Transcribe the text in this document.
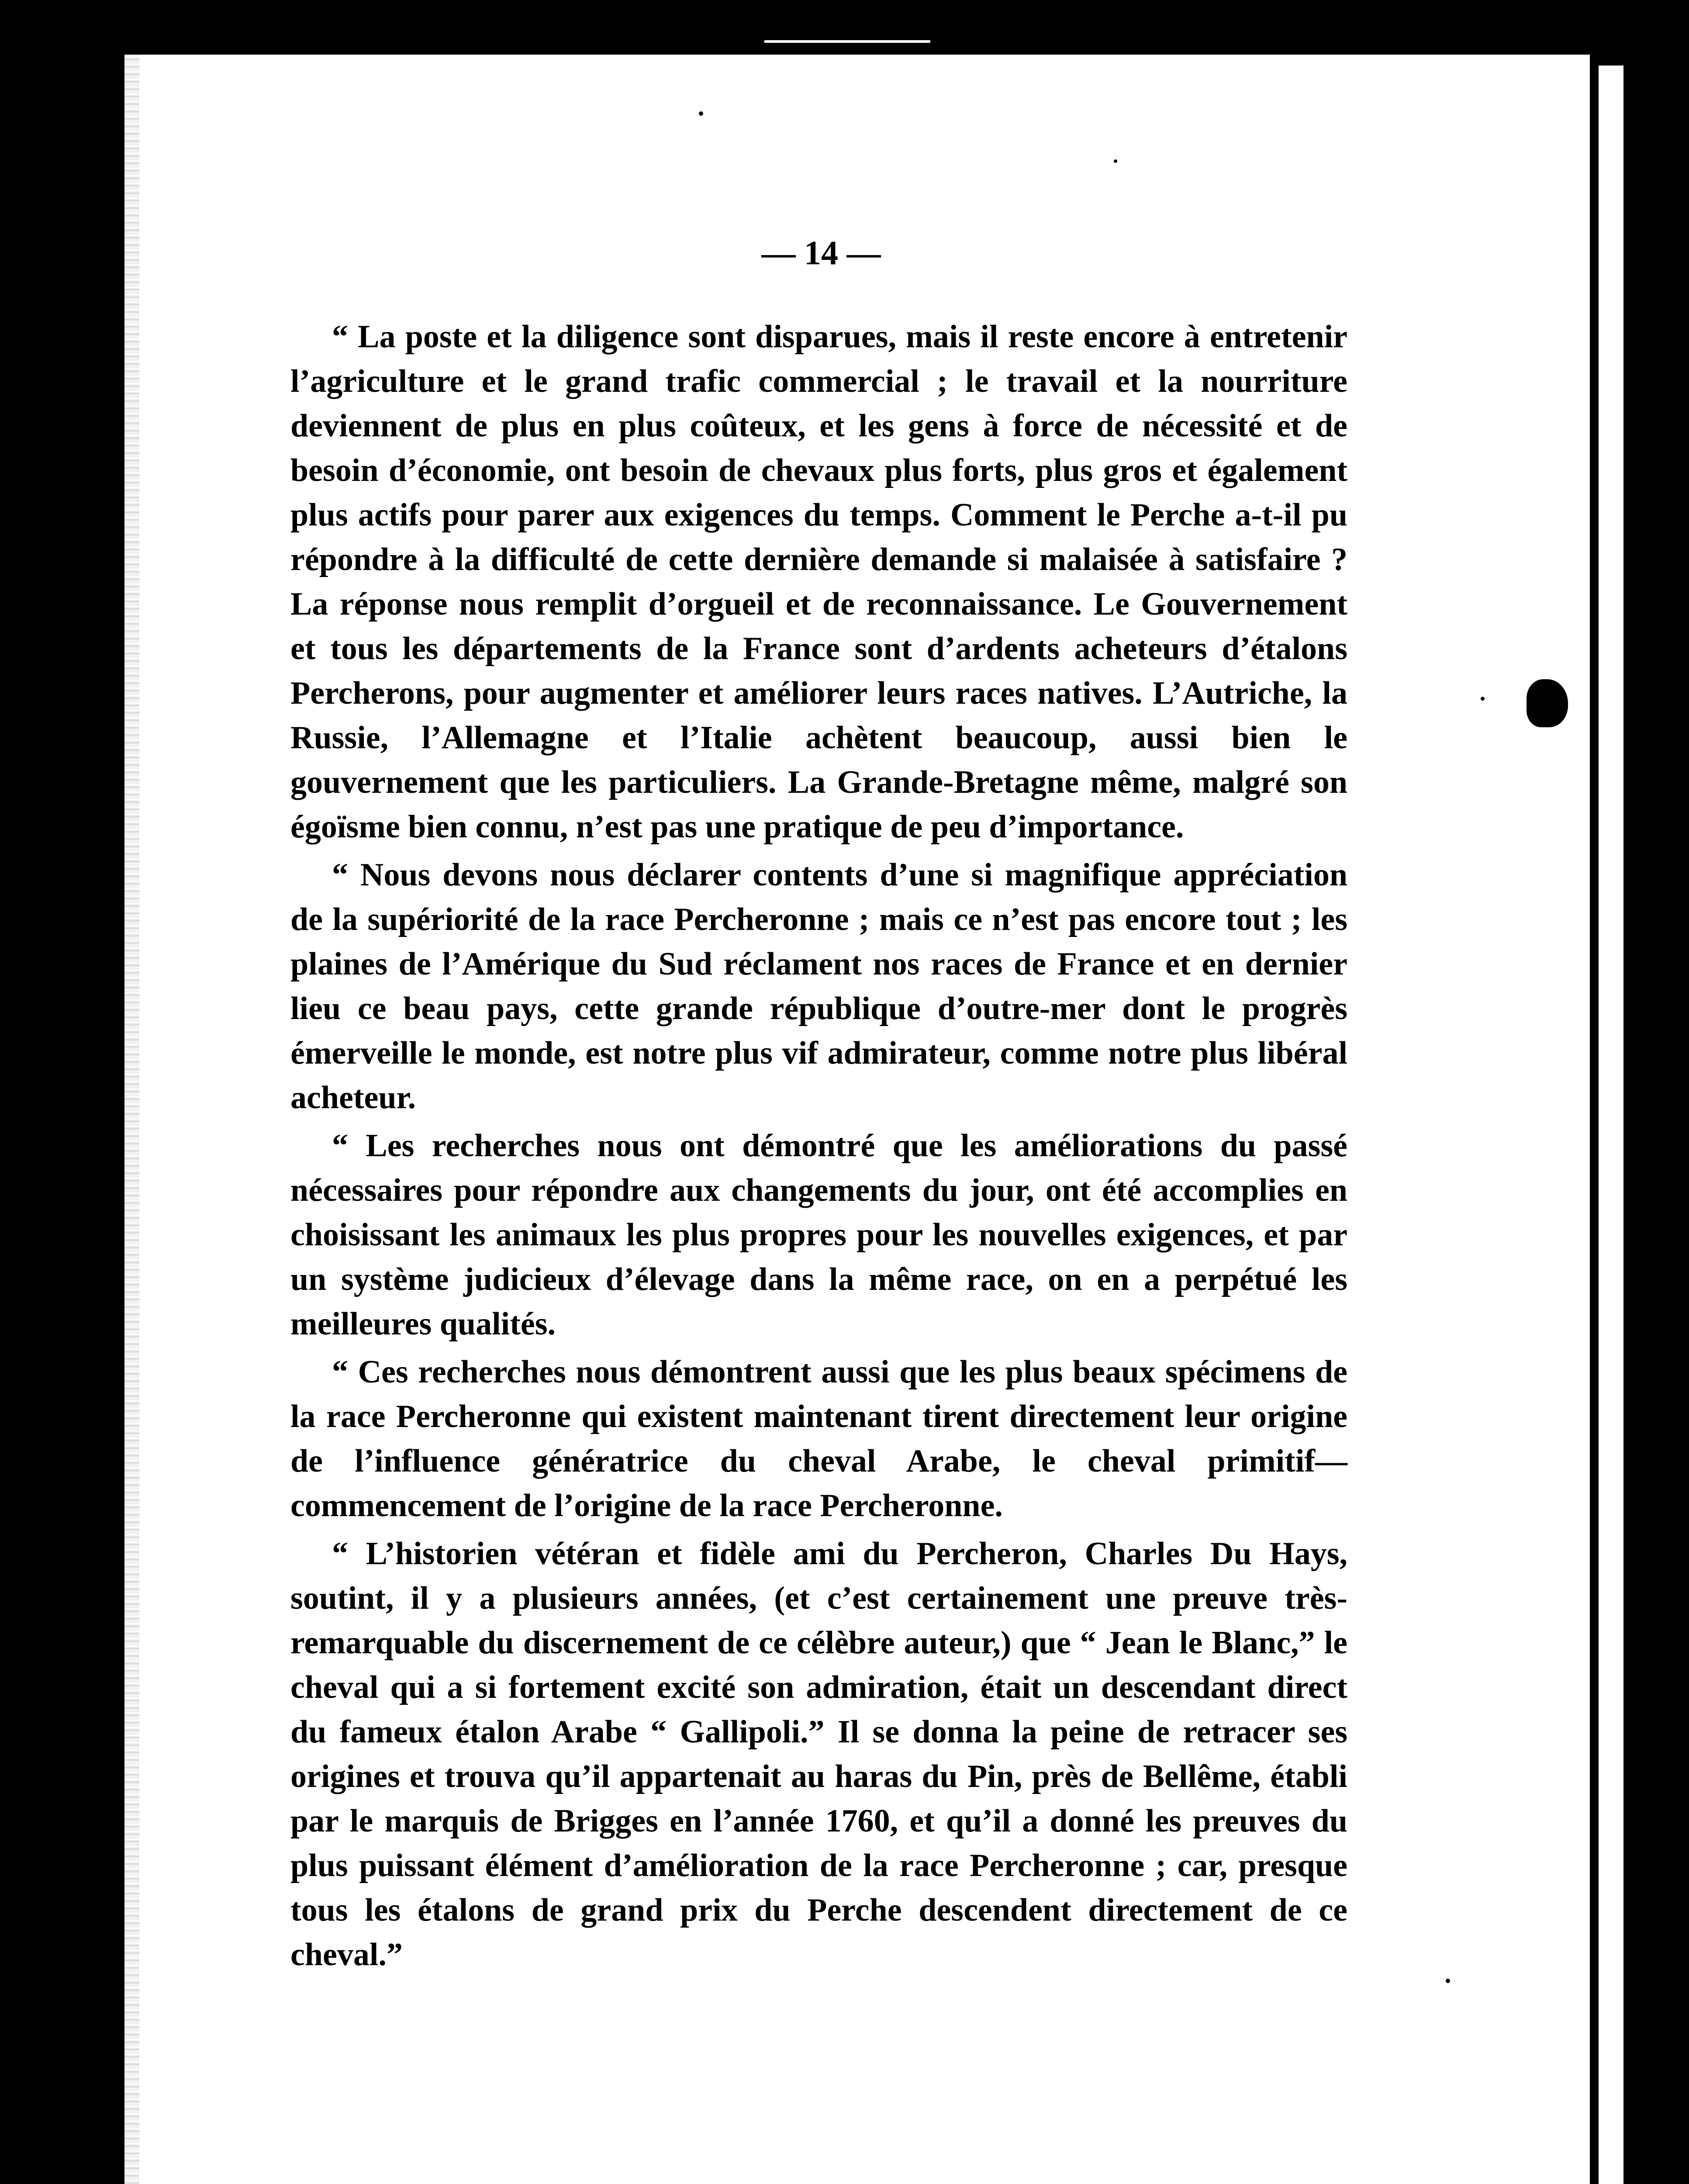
— 14 —

“ La poste et la diligence sont disparues, mais il reste encore à entretenir l’agriculture et le grand trafic commercial ; le travail et la nourriture deviennent de plus en plus coûteux, et les gens à force de nécessité et de besoin d’économie, ont besoin de chevaux plus forts, plus gros et également plus actifs pour parer aux exigences du temps. Comment le Perche a-t-il pu répondre à la difficulté de cette dernière demande si malaisée à satisfaire ? La réponse nous remplit d’orgueil et de reconnaissance. Le Gouvernement et tous les départements de la France sont d’ardents acheteurs d’étalons Percherons, pour augmenter et améliorer leurs races natives. L’Autriche, la Russie, l’Allemagne et l’Italie achètent beaucoup, aussi bien le gouvernement que les particuliers. La Grande-Bretagne même, malgré son égoïsme bien connu, n’est pas une pratique de peu d’importance.

“ Nous devons nous déclarer contents d’une si magnifique appréciation de la supériorité de la race Percheronne ; mais ce n’est pas encore tout ; les plaines de l’Amérique du Sud réclament nos races de France et en dernier lieu ce beau pays, cette grande république d’outre-mer dont le progrès émerveille le monde, est notre plus vif admirateur, comme notre plus libéral acheteur.

“ Les recherches nous ont démontré que les améliorations du passé nécessaires pour répondre aux changements du jour, ont été accomplies en choisissant les animaux les plus propres pour les nouvelles exigences, et par un système judicieux d’élevage dans la même race, on en a perpétué les meilleures qualités.

“ Ces recherches nous démontrent aussi que les plus beaux spécimens de la race Percheronne qui existent maintenant tirent directement leur origine de l’influence génératrice du cheval Arabe, le cheval primitif—commencement de l’origine de la race Percheronne.

“ L’historien vétéran et fidèle ami du Percheron, Charles Du Hays, soutint, il y a plusieurs années, (et c’est certainement une preuve très-remarquable du discernement de ce célèbre auteur,) que “ Jean le Blanc,” le cheval qui a si fortement excité son admiration, était un descendant direct du fameux étalon Arabe “ Gallipoli.” Il se donna la peine de retracer ses origines et trouva qu’il appartenait au haras du Pin, près de Bellême, établi par le marquis de Brigges en l’année 1760, et qu’il a donné les preuves du plus puissant élément d’amélioration de la race Percheronne ; car, presque tous les étalons de grand prix du Perche descendent directement de ce cheval.”
